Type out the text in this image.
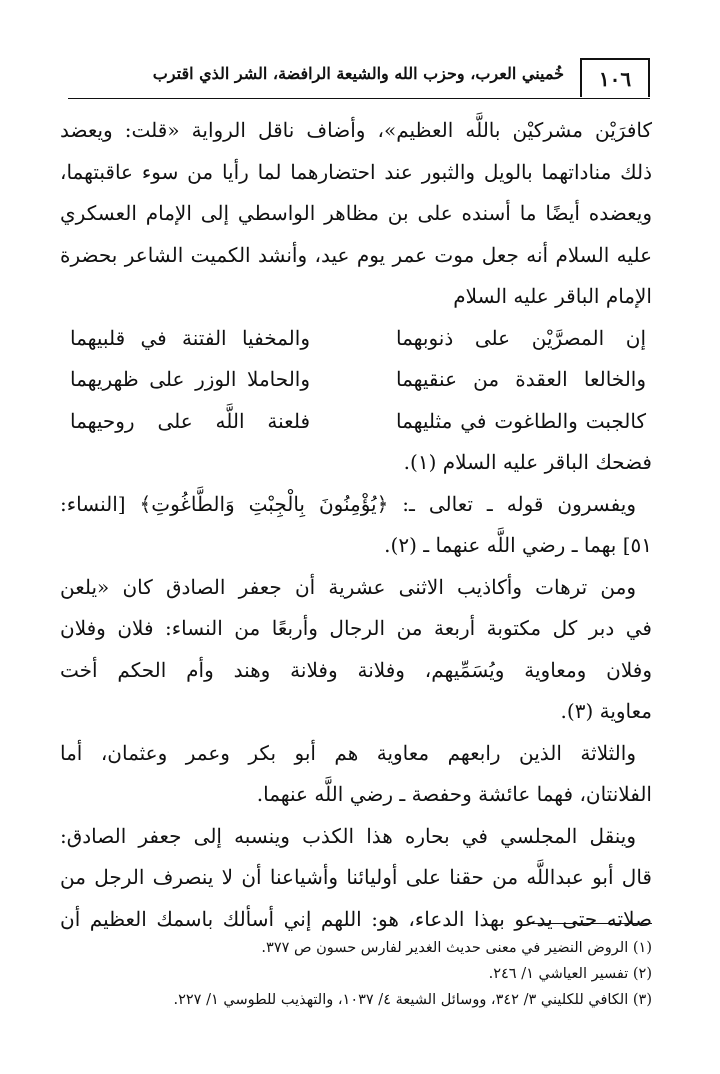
١٠٦
خُميني العرب، وحزب الله والشيعة الرافضة، الشر الذي اقترب
كافرَيْن مشركيْن باللَّه العظيم»، وأضاف ناقل الرواية «قلت: ويعضد
ذلك مناداتهما بالويل والثبور عند احتضارهما لما رأيا من سوء عاقبتهما،
ويعضده أيضًا ما أسنده على بن مظاهر الواسطي إلى الإمام العسكري
عليه السلام أنه جعل موت عمر يوم عيد، وأنشد الكميت الشاعر بحضرة
الإمام الباقر عليه السلام
إن المصرَّيْن على ذنوبهما
والمخفيا الفتنة في قلبيهما
والخالعا العقدة من عنقيهما
والحاملا الوزر على ظهريهما
كالجبت والطاغوت في مثليهما
فلعنة اللَّه على روحيهما
فضحك الباقر عليه السلام (١).
ويفسرون قوله ـ تعالى ـ: ﴿يُؤْمِنُونَ بِالْجِبْتِ وَالطَّاغُوتِ﴾ [النساء:
٥١] بهما ـ رضي اللَّه عنهما ـ (٢).
ومن ترهات وأكاذيب الاثنى عشرية أن جعفر الصادق كان «يلعن
في دبر كل مكتوبة أربعة من الرجال وأربعًا من النساء: فلان وفلان
وفلان ومعاوية ويُسَمِّيهم، وفلانة وفلانة وهند وأم الحكم أخت
معاوية (٣).
والثلاثة الذين رابعهم معاوية هم أبو بكر وعمر وعثمان، أما
الفلانتان، فهما عائشة وحفصة ـ رضي اللَّه عنهما.
وينقل المجلسي في بحاره هذا الكذب وينسبه إلى جعفر الصادق:
قال أبو عبداللَّه من حقنا على أوليائنا وأشياعنا أن لا ينصرف الرجل من
صلاته حتى يدعو بهذا الدعاء، هو: اللهم إني أسألك باسمك العظيم أن
(١) الروض النضير في معنى حديث الغدير لفارس حسون ص ٣٧٧.
(٢) تفسير العياشي ١/ ٢٤٦.
(٣) الكافي للكليني ٣/ ٣٤٢، ووسائل الشيعة ٤/ ١٠٣٧، والتهذيب للطوسي ١/ ٢٢٧.
